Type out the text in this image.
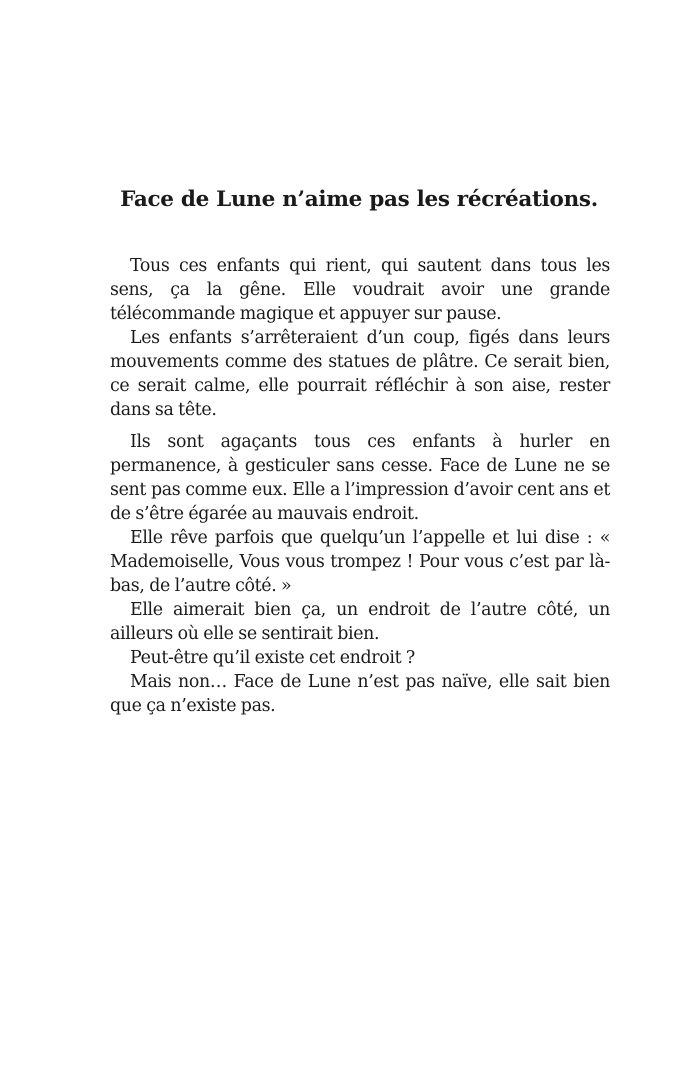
Face de Lune n’aime pas les récréations.

Tous ces enfants qui rient, qui sautent dans tous les sens, ça la gêne. Elle voudrait avoir une grande télécommande magique et appuyer sur pause.

Les enfants s’arrêteraient d’un coup, figés dans leurs mouvements comme des statues de plâtre. Ce serait bien, ce serait calme, elle pourrait réfléchir à son aise, rester dans sa tête.

Ils sont agaçants tous ces enfants à hurler en permanence, à gesticuler sans cesse. Face de Lune ne se sent pas comme eux. Elle a l’impression d’avoir cent ans et de s’être égarée au mauvais endroit.

Elle rêve parfois que quelqu’un l’appelle et lui dise : « Mademoiselle, Vous vous trompez ! Pour vous c’est par là-bas, de l’autre côté. »

Elle aimerait bien ça, un endroit de l’autre côté, un ailleurs où elle se sentirait bien.

Peut-être qu’il existe cet endroit ?

Mais non… Face de Lune n’est pas naïve, elle sait bien que ça n’existe pas.
